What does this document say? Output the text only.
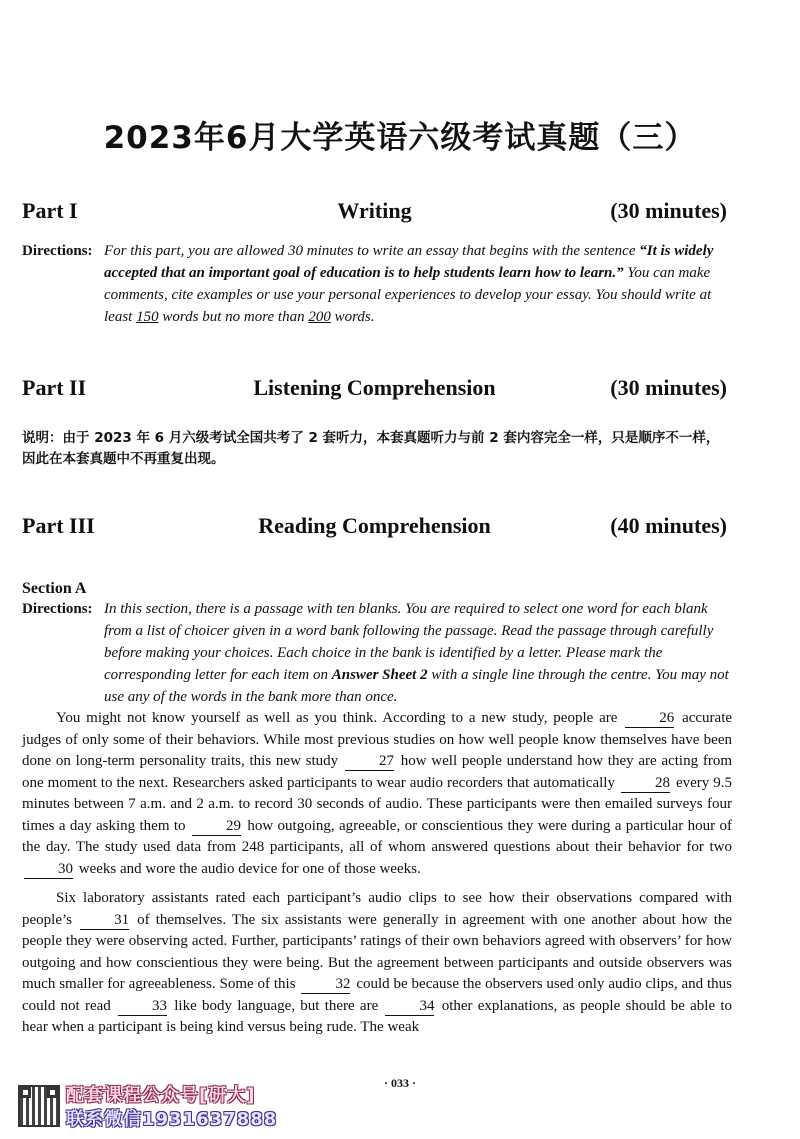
2023年6月大学英语六级考试真题（三）
Part I	Writing	(30 minutes)
Directions: For this part, you are allowed 30 minutes to write an essay that begins with the sentence “It is widely accepted that an important goal of education is to help students learn how to learn.” You can make comments, cite examples or use your personal experiences to develop your essay. You should write at least 150 words but no more than 200 words.
Part II	Listening Comprehension	(30 minutes)
说明：由于 2023 年 6 月六级考试全国共考了 2 套听力，本套真题听力与前 2 套内容完全一样，只是顺序不一样，因此在本套真题中不再重复出现。
Part III	Reading Comprehension	(40 minutes)
Section A
Directions: In this section, there is a passage with ten blanks. You are required to select one word for each blank from a list of choicer given in a word bank following the passage. Read the passage through carefully before making your choices. Each choice in the bank is identified by a letter. Please mark the corresponding letter for each item on Answer Sheet 2 with a single line through the centre. You may not use any of the words in the bank more than once.

You might not know yourself as well as you think. According to a new study, people are	26 accurate judges of only some of their behaviors. While most previous studies on how well people know themselves have been done on long-term personality traits, this new study	27 how well people understand how they are acting from one moment to the next. Researchers asked participants to wear audio recorders that automatically	28 every 9.5 minutes between 7 a.m. and 2 a.m. to record 30 seconds of audio. These participants were then emailed surveys four times a day asking them to	29 how outgoing, agreeable, or conscientious they were during a particular hour of the day. The study used data from 248 participants, all of whom answered questions about their behavior for two 30 weeks and wore the audio device for one of those weeks.

Six laboratory assistants rated each participant’s audio clips to see how their observations compared with people’s	31 of themselves. The six assistants were generally in agreement with one another about how the people they were observing acted. Further, participants’ ratings of their own behaviors agreed with observers’ for how outgoing and how conscientious they were being. But the agreement between participants and outside observers was much smaller for agreeableness. Some of this	32 could be because the observers used only audio clips, and thus could not read	33 like body language, but there are	34 other explanations, as people should be able to hear when a participant is being kind versus being rude. The weak

· 033 ·
配套课程公众号[研大]
联系微信1931637888
